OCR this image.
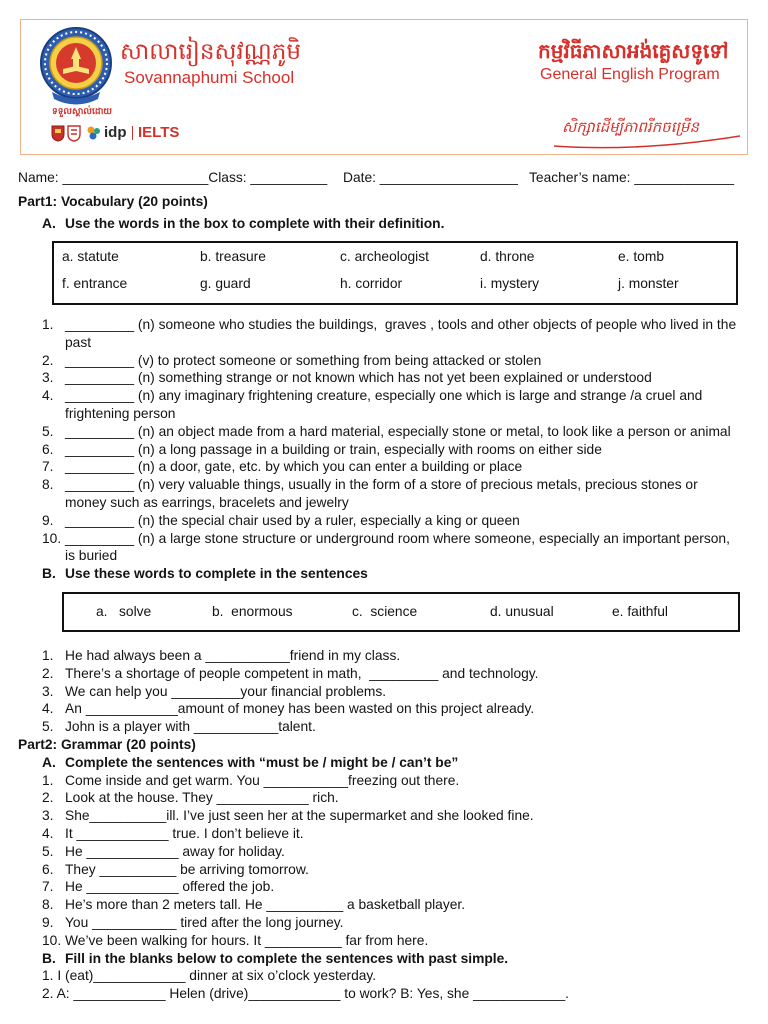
សាលារៀនសុវណ្ណភូមិ
Sovannaphumi School
ទទួលស្គាល់ដោយ
idp IELTS
កម្មវិធីភាសាអង់គ្លេសទូទៅ
General English Program
សិក្សាដើម្បីភាពរីកចម្រើន
Name: ___________________Class: __________ Date: __________________ Teacher’s name: _____________
Part1: Vocabulary (20 points)
A. Use the words in the box to complete with their definition.
a. statute	b. treasure	c. archeologist	d. throne	e. tomb
f. entrance	g. guard	h. corridor	i. mystery	j. monster
1. _________ (n) someone who studies the buildings,  graves , tools and other objects of people who lived in the
past
2. _________ (v) to protect someone or something from being attacked or stolen
3. _________ (n) something strange or not known which has not yet been explained or understood
4. _________ (n) any imaginary frightening creature, especially one which is large and strange /a cruel and
frightening person
5. _________ (n) an object made from a hard material, especially stone or metal, to look like a person or animal
6. _________ (n) a long passage in a building or train, especially with rooms on either side
7. _________ (n) a door, gate, etc. by which you can enter a building or place
8. _________ (n) very valuable things, usually in the form of a store of precious metals, precious stones or
money such as earrings, bracelets and jewelry
9. _________ (n) the special chair used by a ruler, especially a king or queen
10. _________ (n) a large stone structure or underground room where someone, especially an important person,
is buried
B. Use these words to complete in the sentences
a.   solve	b.  enormous	c.  science	d. unusual	e. faithful
1. He had always been a ___________friend in my class.
2. There’s a shortage of people competent in math,  _________ and technology.
3. We can help you _________your financial problems.
4. An ____________amount of money has been wasted on this project already.
5. John is a player with ___________talent.
Part2: Grammar (20 points)
A. Complete the sentences with “must be / might be / can’t be”
1. Come inside and get warm. You ___________freezing out there.
2. Look at the house. They ____________ rich.
3. She__________ill. I’ve just seen her at the supermarket and she looked fine.
4. It ____________ true. I don’t believe it.
5. He ____________ away for holiday.
6. They __________ be arriving tomorrow.
7. He ____________ offered the job.
8. He’s more than 2 meters tall. He __________ a basketball player.
9. You ___________ tired after the long journey.
10. We’ve been walking for hours. It __________ far from here.
B. Fill in the blanks below to complete the sentences with past simple.
1. I (eat)____________ dinner at six o’clock yesterday.
2. A: ____________ Helen (drive)____________ to work? B: Yes, she ____________.
